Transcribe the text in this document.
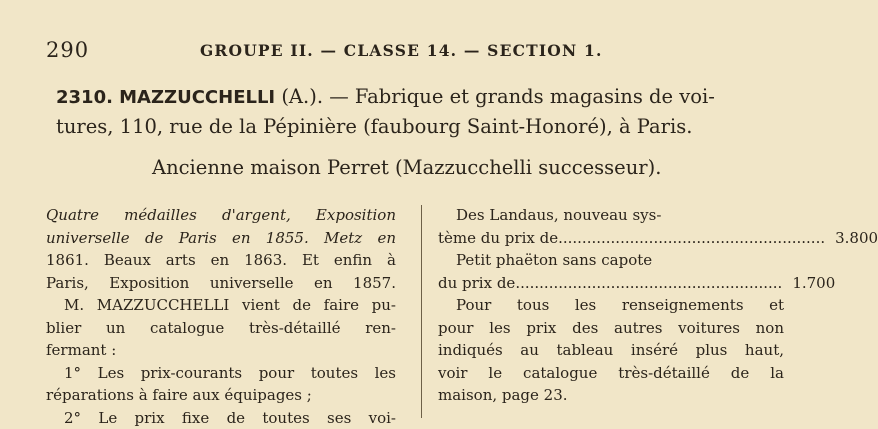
290	GROUPE II. — CLASSE 14. — SECTION 1.
2310. MAZZUCCHELLI (A.). — Fabrique et grands magasins de voi-
tures, 110, rue de la Pépinière (faubourg Saint-Honoré), à Paris.
Ancienne maison Perret (Mazzucchelli successeur).
Quatre médailles d'argent, Exposition
universelle de Paris en 1855. Metz en
1861. Beaux arts en 1863. Et enfin à
Paris, Exposition universelle en 1857.
M. MAZZUCCHELLI vient de faire pu-
blier un catalogue très-détaillé ren-
fermant :
1° Les prix-courants pour toutes les
réparations à faire aux équipages ;
2° Le prix fixe de toutes ses voi-
Des Landaus, nouveau sys-
tème du prix de ........................................................ 3.800
Petit phaëton sans capote
du prix de ........................................................ 1.700
Pour tous les renseignements et
pour les prix des autres voitures non
indiqués au tableau inséré plus haut,
voir le catalogue très-détaillé de la
maison, page 23.
